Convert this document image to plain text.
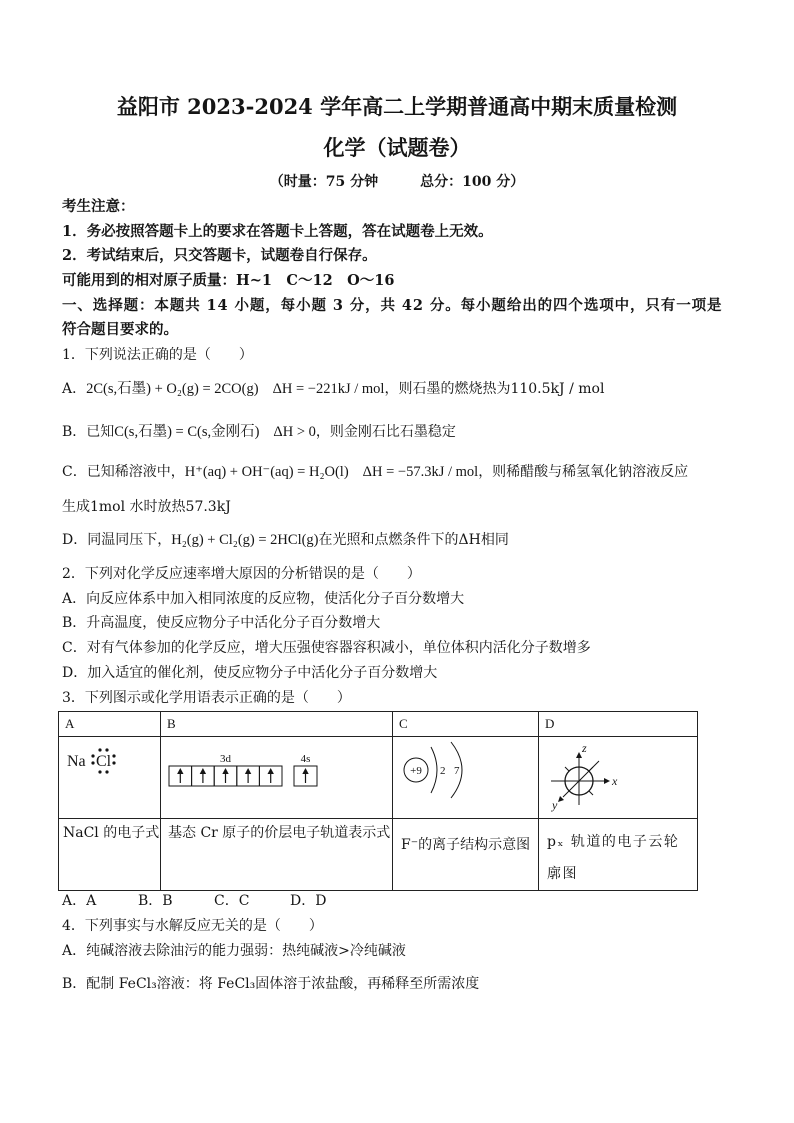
益阳市 2023-2024 学年高二上学期普通高中期末质量检测
化学（试题卷）
（时量：75 分钟　　　总分：100 分）
考生注意：
1．务必按照答题卡上的要求在答题卡上答题，答在试题卷上无效。
2．考试结束后，只交答题卡，试题卷自行保存。
可能用到的相对原子质量：H~1　C～12　O～16
一、选择题：本题共 14 小题，每小题 3 分，共 42 分。每小题给出的四个选项中，只有一项是
符合题目要求的。
1．下列说法正确的是（　　）
A．2C(s,石墨) + O₂(g) = 2CO(g) ΔH = −221kJ / mol，则石墨的燃烧热为110.5kJ / mol
B．已知C(s,石墨) = C(s,金刚石) ΔH > 0，则金刚石比石墨稳定
C．已知稀溶液中，H⁺(aq) + OH⁻(aq) = H₂O(l) ΔH = −57.3kJ / mol，则稀醋酸与稀氢氧化钠溶液反应
生成1mol 水时放热57.3kJ
D．同温同压下，H₂(g) + Cl₂(g) = 2HCl(g)在光照和点燃条件下的ΔH相同
2．下列对化学反应速率增大原因的分析错误的是（　　）
A．向反应体系中加入相同浓度的反应物，使活化分子百分数增大
B．升高温度，使反应物分子中活化分子百分数增大
C．对有气体参加的化学反应，增大压强使容器容积减小，单位体积内活化分子数增多
D．加入适宜的催化剂，使反应物分子中活化分子百分数增大
3．下列图示或化学用语表示正确的是（　　）
A	B	C	D

Na Cl	3d 4s	+9 2 7	z
x
y

NaCl 的电子式	基态 Cr 原子的价层电子轨道表示式	F⁻的离子结构示意图	pₓ 轨道的电子云轮廓图
A．A	B．B	C．C	D．D
4．下列事实与水解反应无关的是（　　）
A．纯碱溶液去除油污的能力强弱：热纯碱液>冷纯碱液
B．配制 FeCl₃溶液：将 FeCl₃固体溶于浓盐酸，再稀释至所需浓度
